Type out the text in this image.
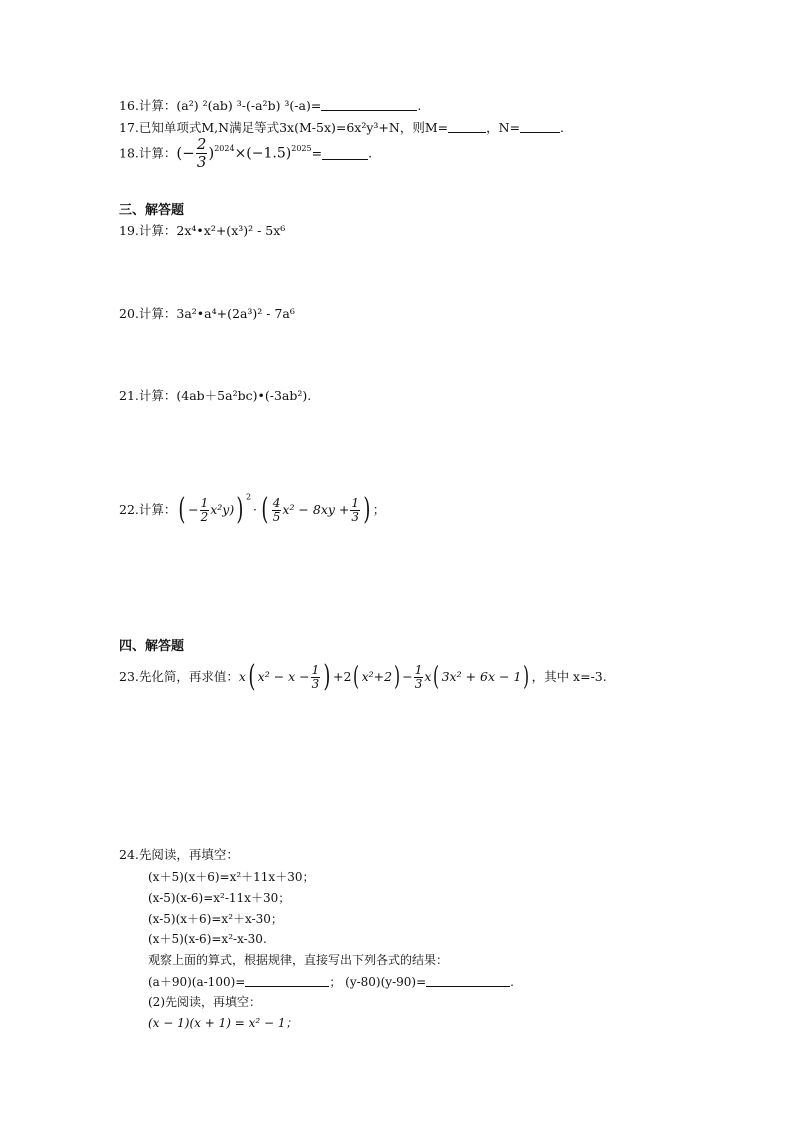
16.计算：(a²) ²(ab) ³-(-a²b) ³(-a)=	.
17.已知单项式M,N满足等式3x(M-5x)=6x²y³+N，则M=	，N=	.
18.计算：(− $\frac{2}{3} )^{2024}\times(-1.5)^{2025}=$	.
三、解答题
19.计算：2x⁴•x²+(x³)² - 5x⁶
20.计算：3a²•a⁴+(2a³)² - 7a⁶
21.计算：(4ab＋5a²bc)•(-3ab²).
22.计算：( − $\frac{1}{2} x^2y$)) $^2$· ( $\frac{4}{5} x^2 - 8xy + \frac{1}{3}$ ) ；
四、解答题
23.先化简，再求值：x( $x^2 - x - \frac{1}{3}$ ) +2( $x^2+2) - \frac{1}{3} x$( 3x² + 6x − 1) ，其中 x=-3.
24.先阅读，再填空：
(x＋5)(x＋6)=x²＋11x＋30；
(x-5)(x-6)=x²-11x＋30；
(x-5)(x＋6)=x²＋x-30；
(x＋5)(x-6)=x²-x-30.
观察上面的算式，根据规律，直接写出下列各式的结果：
(a＋90)(a-100)=	； (y-80)(y-90)=	.
(2)先阅读，再填空：
(x − 1)(x + 1) = x² − 1；
